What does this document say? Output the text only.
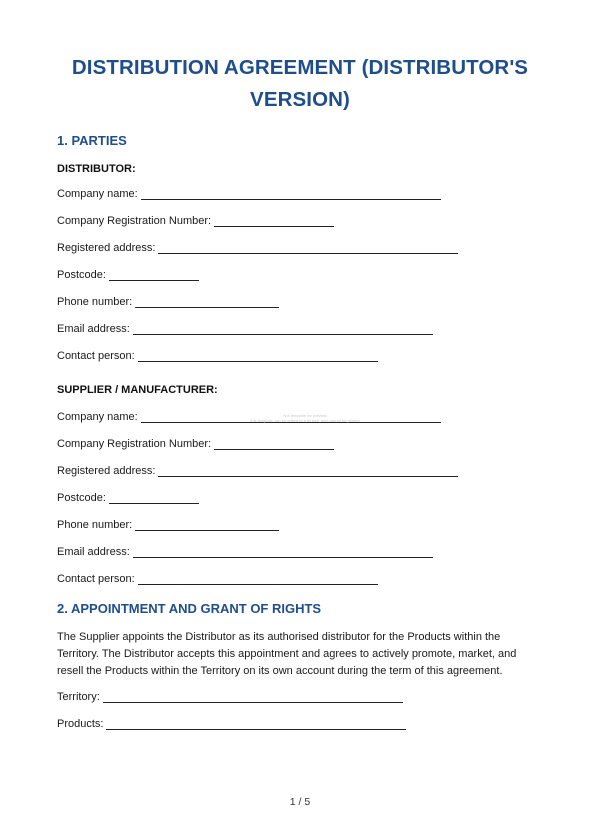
DISTRIBUTION AGREEMENT (DISTRIBUTOR'S VERSION)
1. PARTIES
DISTRIBUTOR:
Company name:
Company Registration Number:
Registered address:
Postcode:
Phone number:
Email address:
Contact person:
SUPPLIER / MANUFACTURER:
Company name:
Company Registration Number:
Registered address:
Postcode:
Phone number:
Email address:
Contact person:
2. APPOINTMENT AND GRANT OF RIGHTS
The Supplier appoints the Distributor as its authorised distributor for the Products within the Territory. The Distributor accepts this appointment and agrees to actively promote, market, and resell the Products within the Territory on its own account during the term of this agreement.
Territory:
Products:
Not template for preview
this template can be edited to a fill free, and cannot be printed
1 / 5
